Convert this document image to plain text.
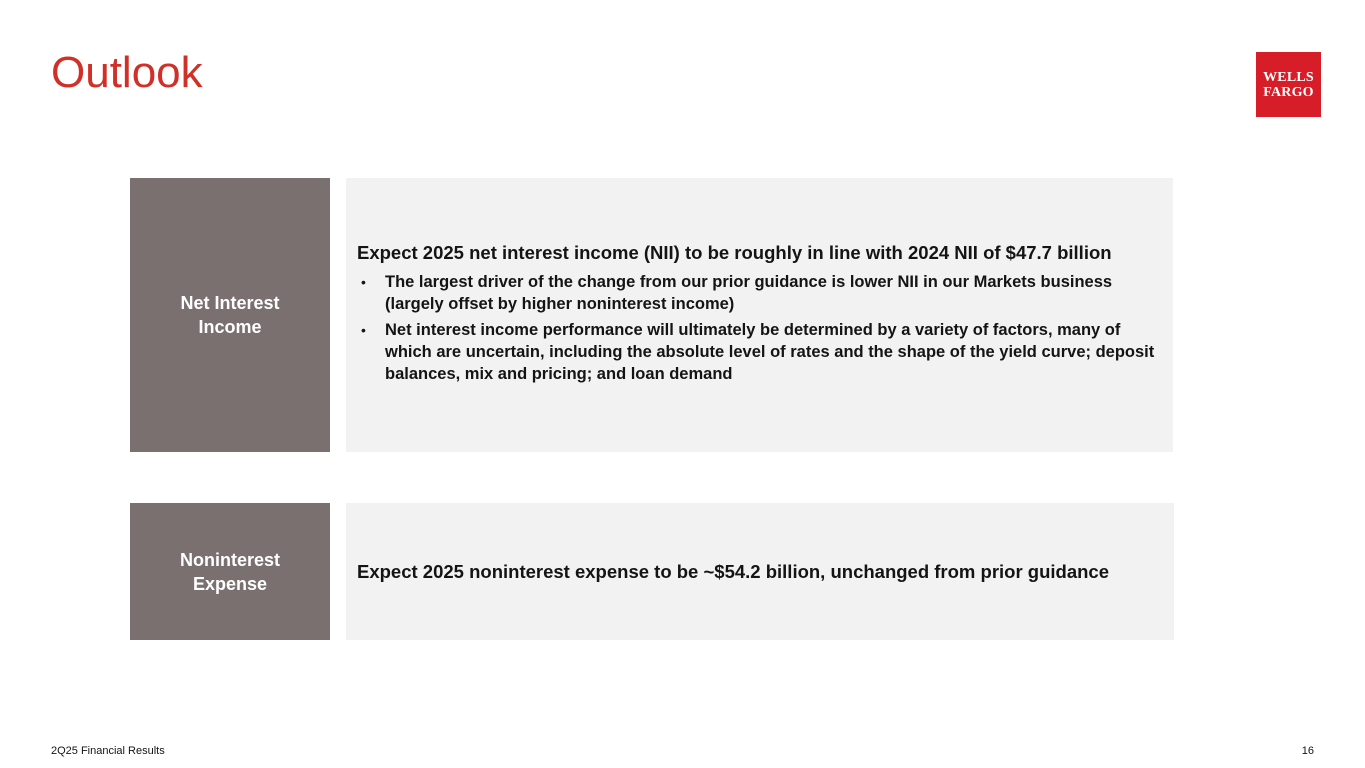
Outlook	WELLS
FARGO
Net Interest Income

Expect 2025 net interest income (NII) to be roughly in line with 2024 NII of $47.7 billion

• The largest driver of the change from our prior guidance is lower NII in our Markets business (largely offset by higher noninterest income)
• Net interest income performance will ultimately be determined by a variety of factors, many of which are uncertain, including the absolute level of rates and the shape of the yield curve; deposit balances, mix and pricing; and loan demand
Noninterest Expense

Expect 2025 noninterest expense to be ~$54.2 billion, unchanged from prior guidance

2Q25 Financial Results	16
